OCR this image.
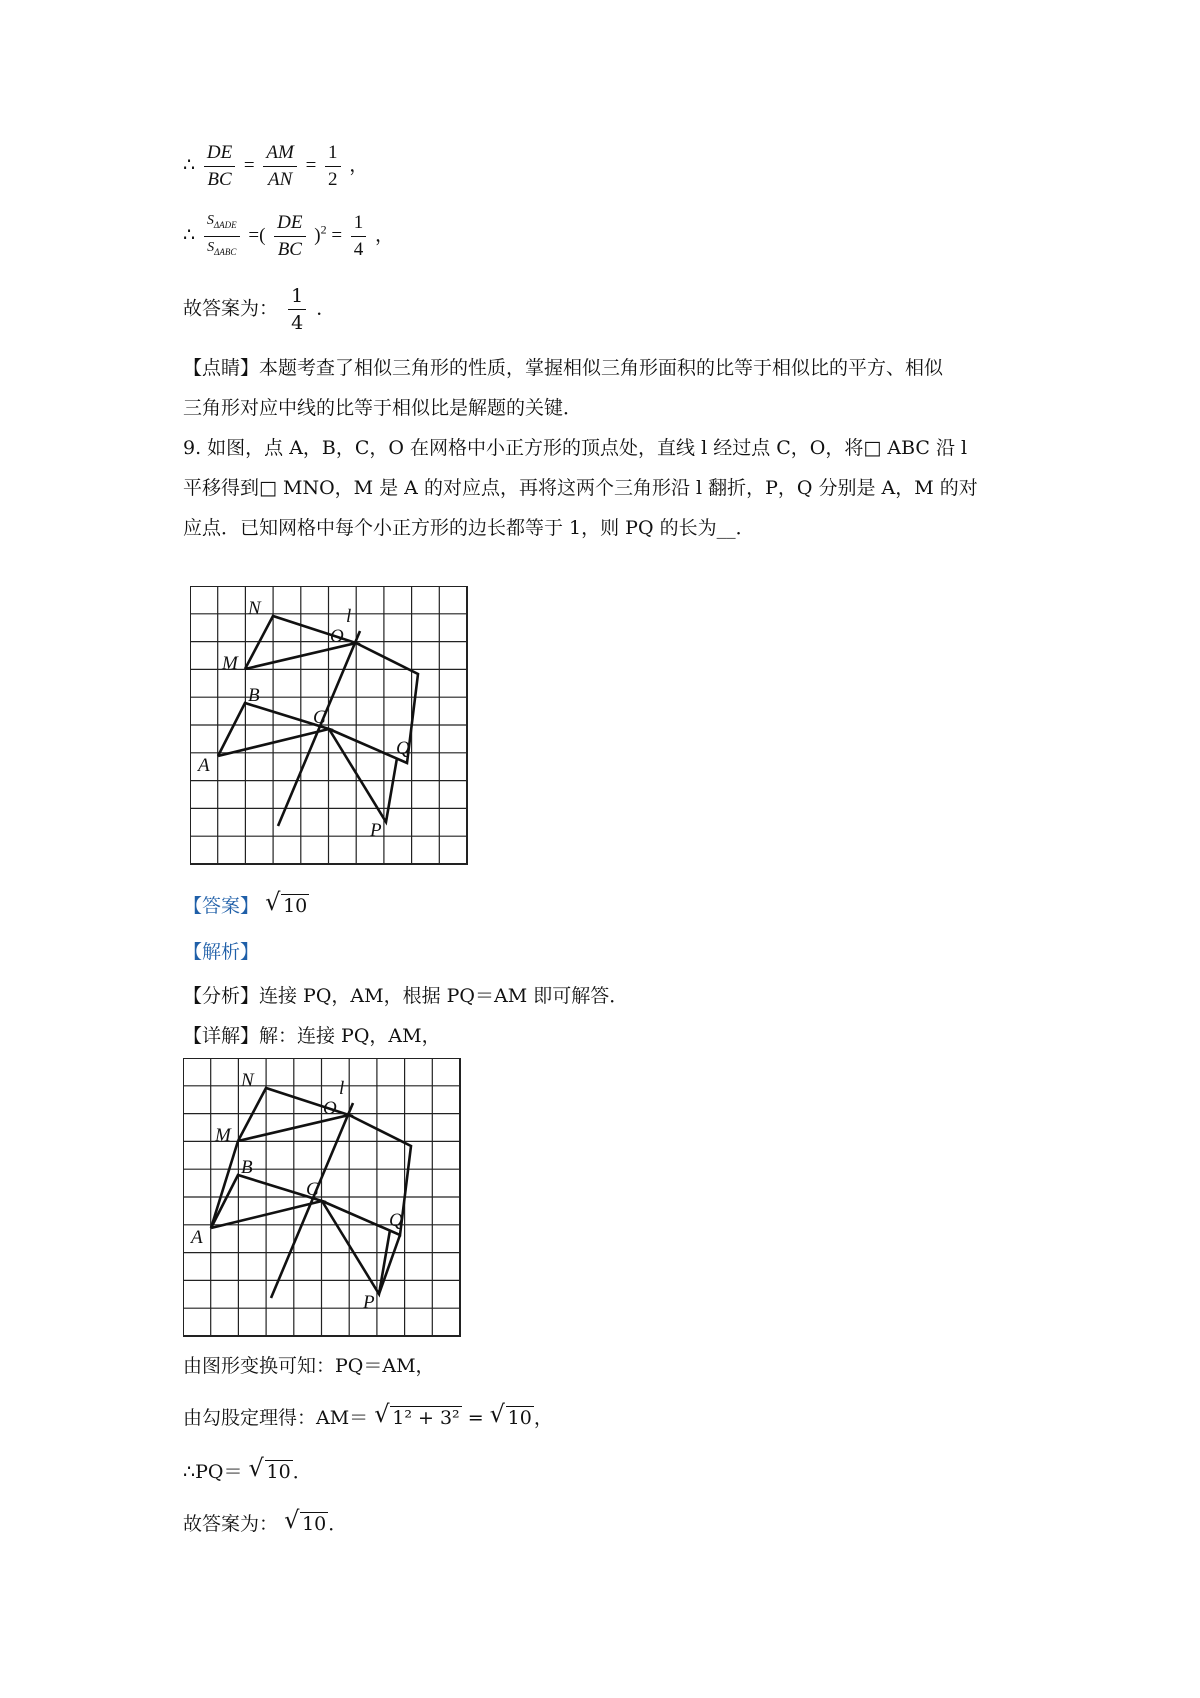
∴ $\frac{DE}{BC} = \frac{AM}{AN} = \frac{1}{2}$ ，
∴ $\frac{S_{\Delta ADE}}{S_{\Delta ABC}}$ =( $\frac{DE}{BC} )^2 = \frac{1}{4}$ ，
故答案为： $\frac{1}{4}$ ．
【点睛】本题考查了相似三角形的性质，掌握相似三角形面积的比等于相似比的平方、相似
三角形对应中线的比等于相似比是解题的关键．
9. 如图，点 A，B，C，O 在网格中小正方形的顶点处，直线 l 经过点 C，O，将□ ABC 沿 l
平移得到□ MNO，M 是 A 的对应点，再将这两个三角形沿 l 翻折，P，Q 分别是 A，M 的对
应点．已知网格中每个小正方形的边长都等于 1，则 PQ 的长为__．
N	l
O
M
B
C
Q
A
P
【答案】 √ 10
【解析】
【分析】连接 PQ，AM，根据 PQ＝AM 即可解答．
【详解】解：连接 PQ，AM，
N	l
O
M
B
C
Q
A
P
由图形变换可知：PQ＝AM，
由勾股定理得：AM＝ √ 1² + 3² = √ 10 ，
∴PQ＝ √ 10 ．
故答案为： √ 10 ．
